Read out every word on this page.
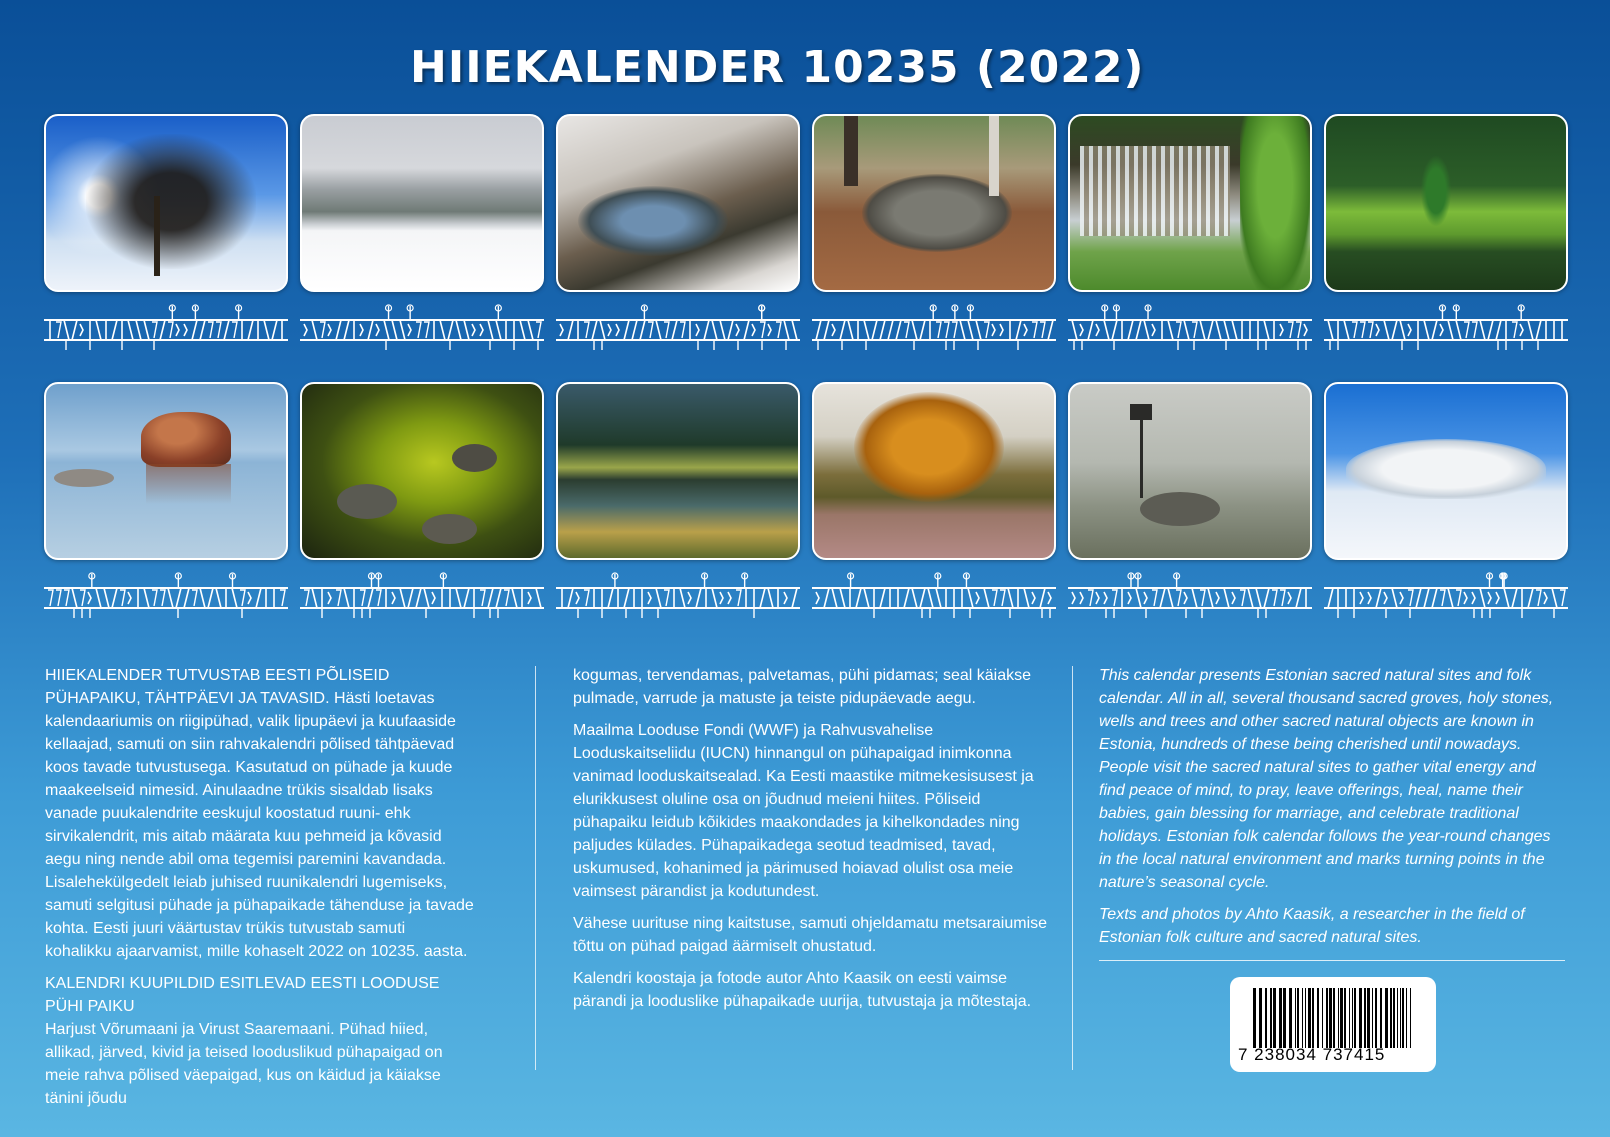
HIIEKALENDER 10235 (2022)

HIIEKALENDER TUTVUSTAB EESTI PÕLISEID PÜHAPAIKU, TÄHTPÄEVI JA TAVASID. Hästi loetavas kalendaariumis on riigipühad, valik lipupäevi ja kuufaaside kellaajad, samuti on siin rahvakalendri põlised tähtpäevad koos tavade tutvustusega. Kasutatud on pühade ja kuude maakeelseid nimesid. Ainulaadne trükis sisaldab lisaks vanade puukalendrite eeskujul koostatud ruuni- ehk sirvikalendrit, mis aitab määrata kuu pehmeid ja kõvasid aegu ning nende abil oma tegemisi paremini kavandada. Lisalehekülgedelt leiab juhised ruunikalendri lugemiseks, samuti selgitusi pühade ja pühapaikade tähenduse ja tavade kohta. Eesti juuri väärtustav trükis tutvustab samuti kohalikku ajaarvamist, mille kohaselt 2022 on 10235. aasta.

KALENDRI KUUPILDID ESITLEVAD EESTI LOODUSE PÜHI PAIKU
Harjust Võrumaani ja Virust Saaremaani. Pühad hiied, allikad, järved, kivid ja teised looduslikud pühapaigad on meie rahva põlised väepaigad, kus on käidud ja käiakse tänini jõudu

kogumas, tervendamas, palvetamas, pühi pidamas; seal käiakse pulmade, varrude ja matuste ja teiste pidupäevade aegu.

Maailma Looduse Fondi (WWF) ja Rahvusvahelise Looduskaitseliidu (IUCN) hinnangul on pühapaigad inimkonna vanimad looduskaitsealad. Ka Eesti maastike mitmekesisusest ja elurikkusest oluline osa on jõudnud meieni hiites. Põliseid pühapaiku leidub kõikides maakondades ja kihelkondades ning paljudes külades. Pühapaikadega seotud teadmised, tavad, uskumused, kohanimed ja pärimused hoiavad olulist osa meie vaimsest pärandist ja kodutundest.

Vähese uurituse ning kaitstuse, samuti ohjeldamatu metsaraiumise tõttu on pühad paigad äärmiselt ohustatud.

Kalendri koostaja ja fotode autor Ahto Kaasik on eesti vaimse pärandi ja looduslike pühapaikade uurija, tutvustaja ja mõtestaja.

This calendar presents Estonian sacred natural sites and folk calendar. All in all, several thousand sacred groves, holy stones, wells and trees and other sacred natural objects are known in Estonia, hundreds of these being cherished until nowadays. People visit the sacred natural sites to gather vital energy and find peace of mind, to pray, leave offerings, heal, name their babies, gain blessing for marriage, and celebrate traditional holidays. Estonian folk calendar follows the year-round changes in the local natural environment and marks turning points in the nature’s seasonal cycle.

Texts and photos by Ahto Kaasik, a researcher in the field of Estonian folk culture and sacred natural sites.

7 238034 737415
